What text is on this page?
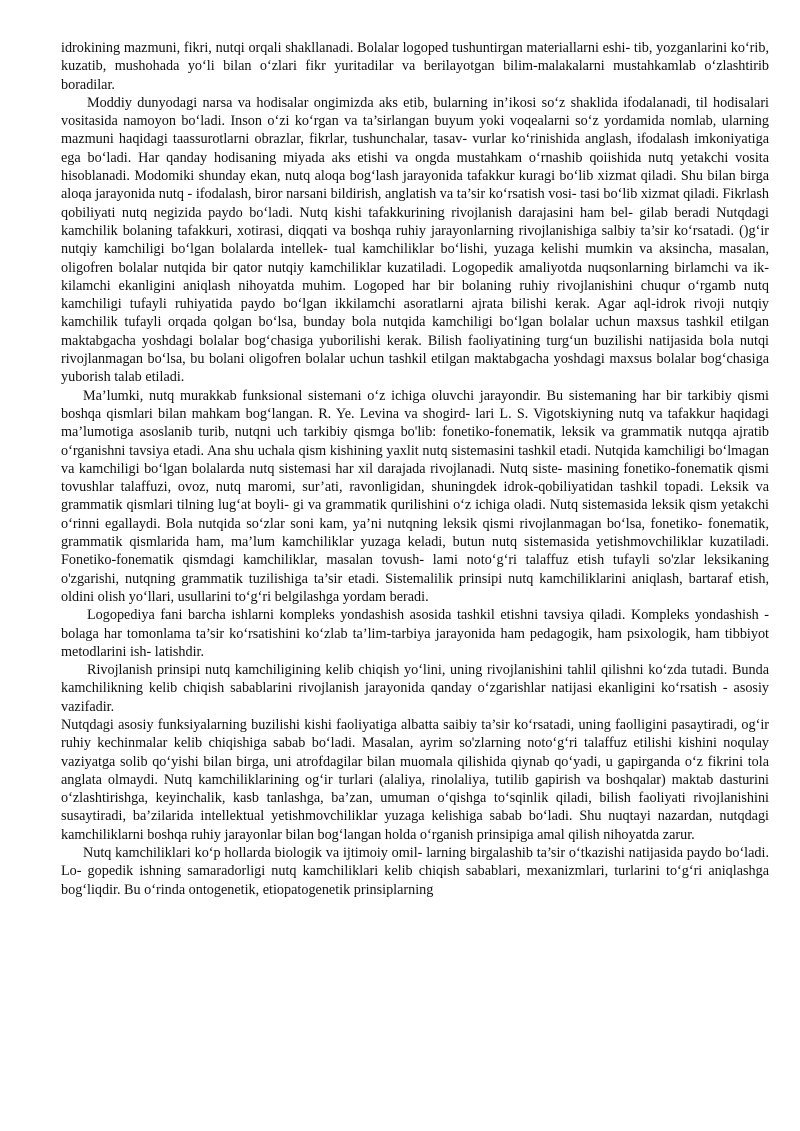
idrokining mazmuni, fikri, nutqi orqali shakllanadi. Bolalar logoped tushuntirgan materiallarni eshi- tib, yozganlarini ko‘rib, kuzatib, mushohada yo‘li bilan o‘zlari fikr yuritadilar va berilayotgan bilim-malakalarni mustahkamlab o‘zlashtirib boradilar.

Moddiy dunyodagi narsa va hodisalar ongimizda aks etib, bularning in’ikosi so‘z shaklida ifodalanadi, til hodisalari vositasida namoyon bo‘ladi. Inson o‘zi ko‘rgan va ta’sirlangan buyum yoki voqealarni so‘z yordamida nomlab, ularning mazmuni haqidagi taassurotlarni obrazlar, fikrlar, tushunchalar, tasav- vurlar ko‘rinishida anglash, ifodalash imkoniyatiga ega bo‘ladi. Har qanday hodisaning miyada aks etishi va ongda mustahkam o‘rnashib qoiishida nutq yetakchi vosita hisoblanadi. Modomiki shunday ekan, nutq aloqa bog‘lash jarayonida tafakkur kuragi bo‘lib xizmat qiladi. Shu bilan birga aloqa jarayonida nutq - ifodalash, biror narsani bildirish, anglatish va ta’sir ko‘rsatish vosi- tasi bo‘lib xizmat qiladi. Fikrlash qobiliyati nutq negizida paydo bo‘ladi. Nutq kishi tafakkurining rivojlanish darajasini ham bel- gilab beradi Nutqdagi kamchilik bolaning tafakkuri, xotirasi, diqqati va boshqa ruhiy jarayonlarning rivojlanishiga salbiy ta’sir ko‘rsatadi. ()g‘ir nutqiy kamchiligi bo‘lgan bolalarda intellek- tual kamchiliklar bo‘lishi, yuzaga kelishi mumkin va aksincha, masalan, oligofren bolalar nutqida bir qator nutqiy kamchiliklar kuzatiladi. Logopedik amaliyotda nuqsonlarning birlamchi va ik- kilamchi ekanligini aniqlash nihoyatda muhim. Logoped har bir bolaning ruhiy rivojlanishini chuqur o‘rgamb nutq kamchiligi tufayli ruhiyatida paydo bo‘lgan ikkilamchi asoratlarni ajrata bilishi kerak. Agar aql-idrok rivoji nutqiy kamchilik tufayli orqada qolgan bo‘lsa, bunday bola nutqida kamchiligi bo‘lgan bolalar uchun maxsus tashkil etilgan maktabgacha yoshdagi bolalar bog‘chasiga yuborilishi kerak. Bilish faoliyatining turg‘un buzilishi natijasida bola nutqi rivojlanmagan bo‘lsa, bu bolani oligofren bolalar uchun tashkil etilgan maktabgacha yoshdagi maxsus bolalar bog‘chasiga yuborish talab etiladi.

Ma’lumki, nutq murakkab funksional sistemani o‘z ichiga oluvchi jarayondir. Bu sistemaning har bir tarkibiy qismi boshqa qismlari bilan mahkam bog‘langan. R. Ye. Levina va shogird- lari L. S. Vigotskiyning nutq va tafakkur haqidagi ma’lumotiga asoslanib turib, nutqni uch tarkibiy qismga bo'lib: fonetiko-fonematik, leksik va grammatik nutqqa ajratib o‘rganishni tavsiya etadi. Ana shu uchala qism kishining yaxlit nutq sistemasini tashkil etadi. Nutqida kamchiligi bo‘lmagan va kamchiligi bo‘lgan bolalarda nutq sistemasi har xil darajada rivojlanadi. Nutq siste- masining fonetiko-fonematik qismi tovushlar talaffuzi, ovoz, nutq maromi, sur’ati, ravonligidan, shuningdek idrok-qobiliyatidan tashkil topadi. Leksik va grammatik qismlari tilning lug‘at boyli- gi va grammatik qurilishini o‘z ichiga oladi. Nutq sistemasida leksik qism yetakchi o‘rinni egallaydi. Bola nutqida so‘zlar soni kam, ya’ni nutqning leksik qismi rivojlanmagan bo‘lsa, fonetiko- fonematik, grammatik qismlarida ham, ma’lum kamchiliklar yuzaga keladi, butun nutq sistemasida yetishmovchiliklar kuzatiladi. Fonetiko-fonematik qismdagi kamchiliklar, masalan tovush- lami noto‘g‘ri talaffuz etish tufayli so'zlar leksikaning o'zgarishi, nutqning grammatik tuzilishiga ta’sir etadi. Sistemalilik prinsipi nutq kamchiliklarini aniqlash, bartaraf etish, oldini olish yo‘llari, usullarini to‘g‘ri belgilashga yordam beradi.

Logopediya fani barcha ishlarni kompleks yondashish asosida tashkil etishni tavsiya qiladi. Kompleks yondashish - bolaga har tomonlama ta’sir ko‘rsatishini ko‘zlab ta’lim-tarbiya jarayonida ham pedagogik, ham psixologik, ham tibbiyot metodlarini ish- latishdir.

Rivojlanish prinsipi nutq kamchiligining kelib chiqish yo‘lini, uning rivojlanishini tahlil qilishni ko‘zda tutadi. Bunda kamchilikning kelib chiqish sabablarini rivojlanish jarayonida qanday o‘zgarishlar natijasi ekanligini ko‘rsatish - asosiy vazifadir.

Nutqdagi asosiy funksiyalarning buzilishi kishi faoliyatiga albatta saibiy ta’sir ko‘rsatadi, uning faolligini pasaytiradi, og‘ir ruhiy kechinmalar kelib chiqishiga sabab bo‘ladi. Masalan, ayrim so'zlarning noto‘g‘ri talaffuz etilishi kishini noqulay vaziyatga solib qo‘yishi bilan birga, uni atrofdagilar bilan muomala qilishida qiynab qo‘yadi, u gapirganda o‘z fikrini tola anglata olmaydi. Nutq kamchiliklarining og‘ir turlari (alaliya, rinolaliya, tutilib gapirish va boshqalar) maktab dasturini o‘zlashtirishga, keyinchalik, kasb tanlashga, ba’zan, umuman o‘qishga to‘sqinlik qiladi, bilish faoliyati rivojlanishini susaytiradi, ba’zilarida intellektual yetishmovchiliklar yuzaga kelishiga sabab bo‘ladi. Shu nuqtayi nazardan, nutqdagi kamchiliklarni boshqa ruhiy jarayonlar bilan bog‘langan holda o‘rganish prinsipiga amal qilish nihoyatda zarur.

Nutq kamchiliklari ko‘p hollarda biologik va ijtimoiy omil- larning birgalashib ta’sir o‘tkazishi natijasida paydo bo‘ladi. Lo- gopedik ishning samaradorligi nutq kamchiliklari kelib chiqish sabablari, mexanizmlari, turlarini to‘g‘ri aniqlashga bog‘liqdir. Bu o‘rinda ontogenetik, etiopatogenetik prinsiplarning
